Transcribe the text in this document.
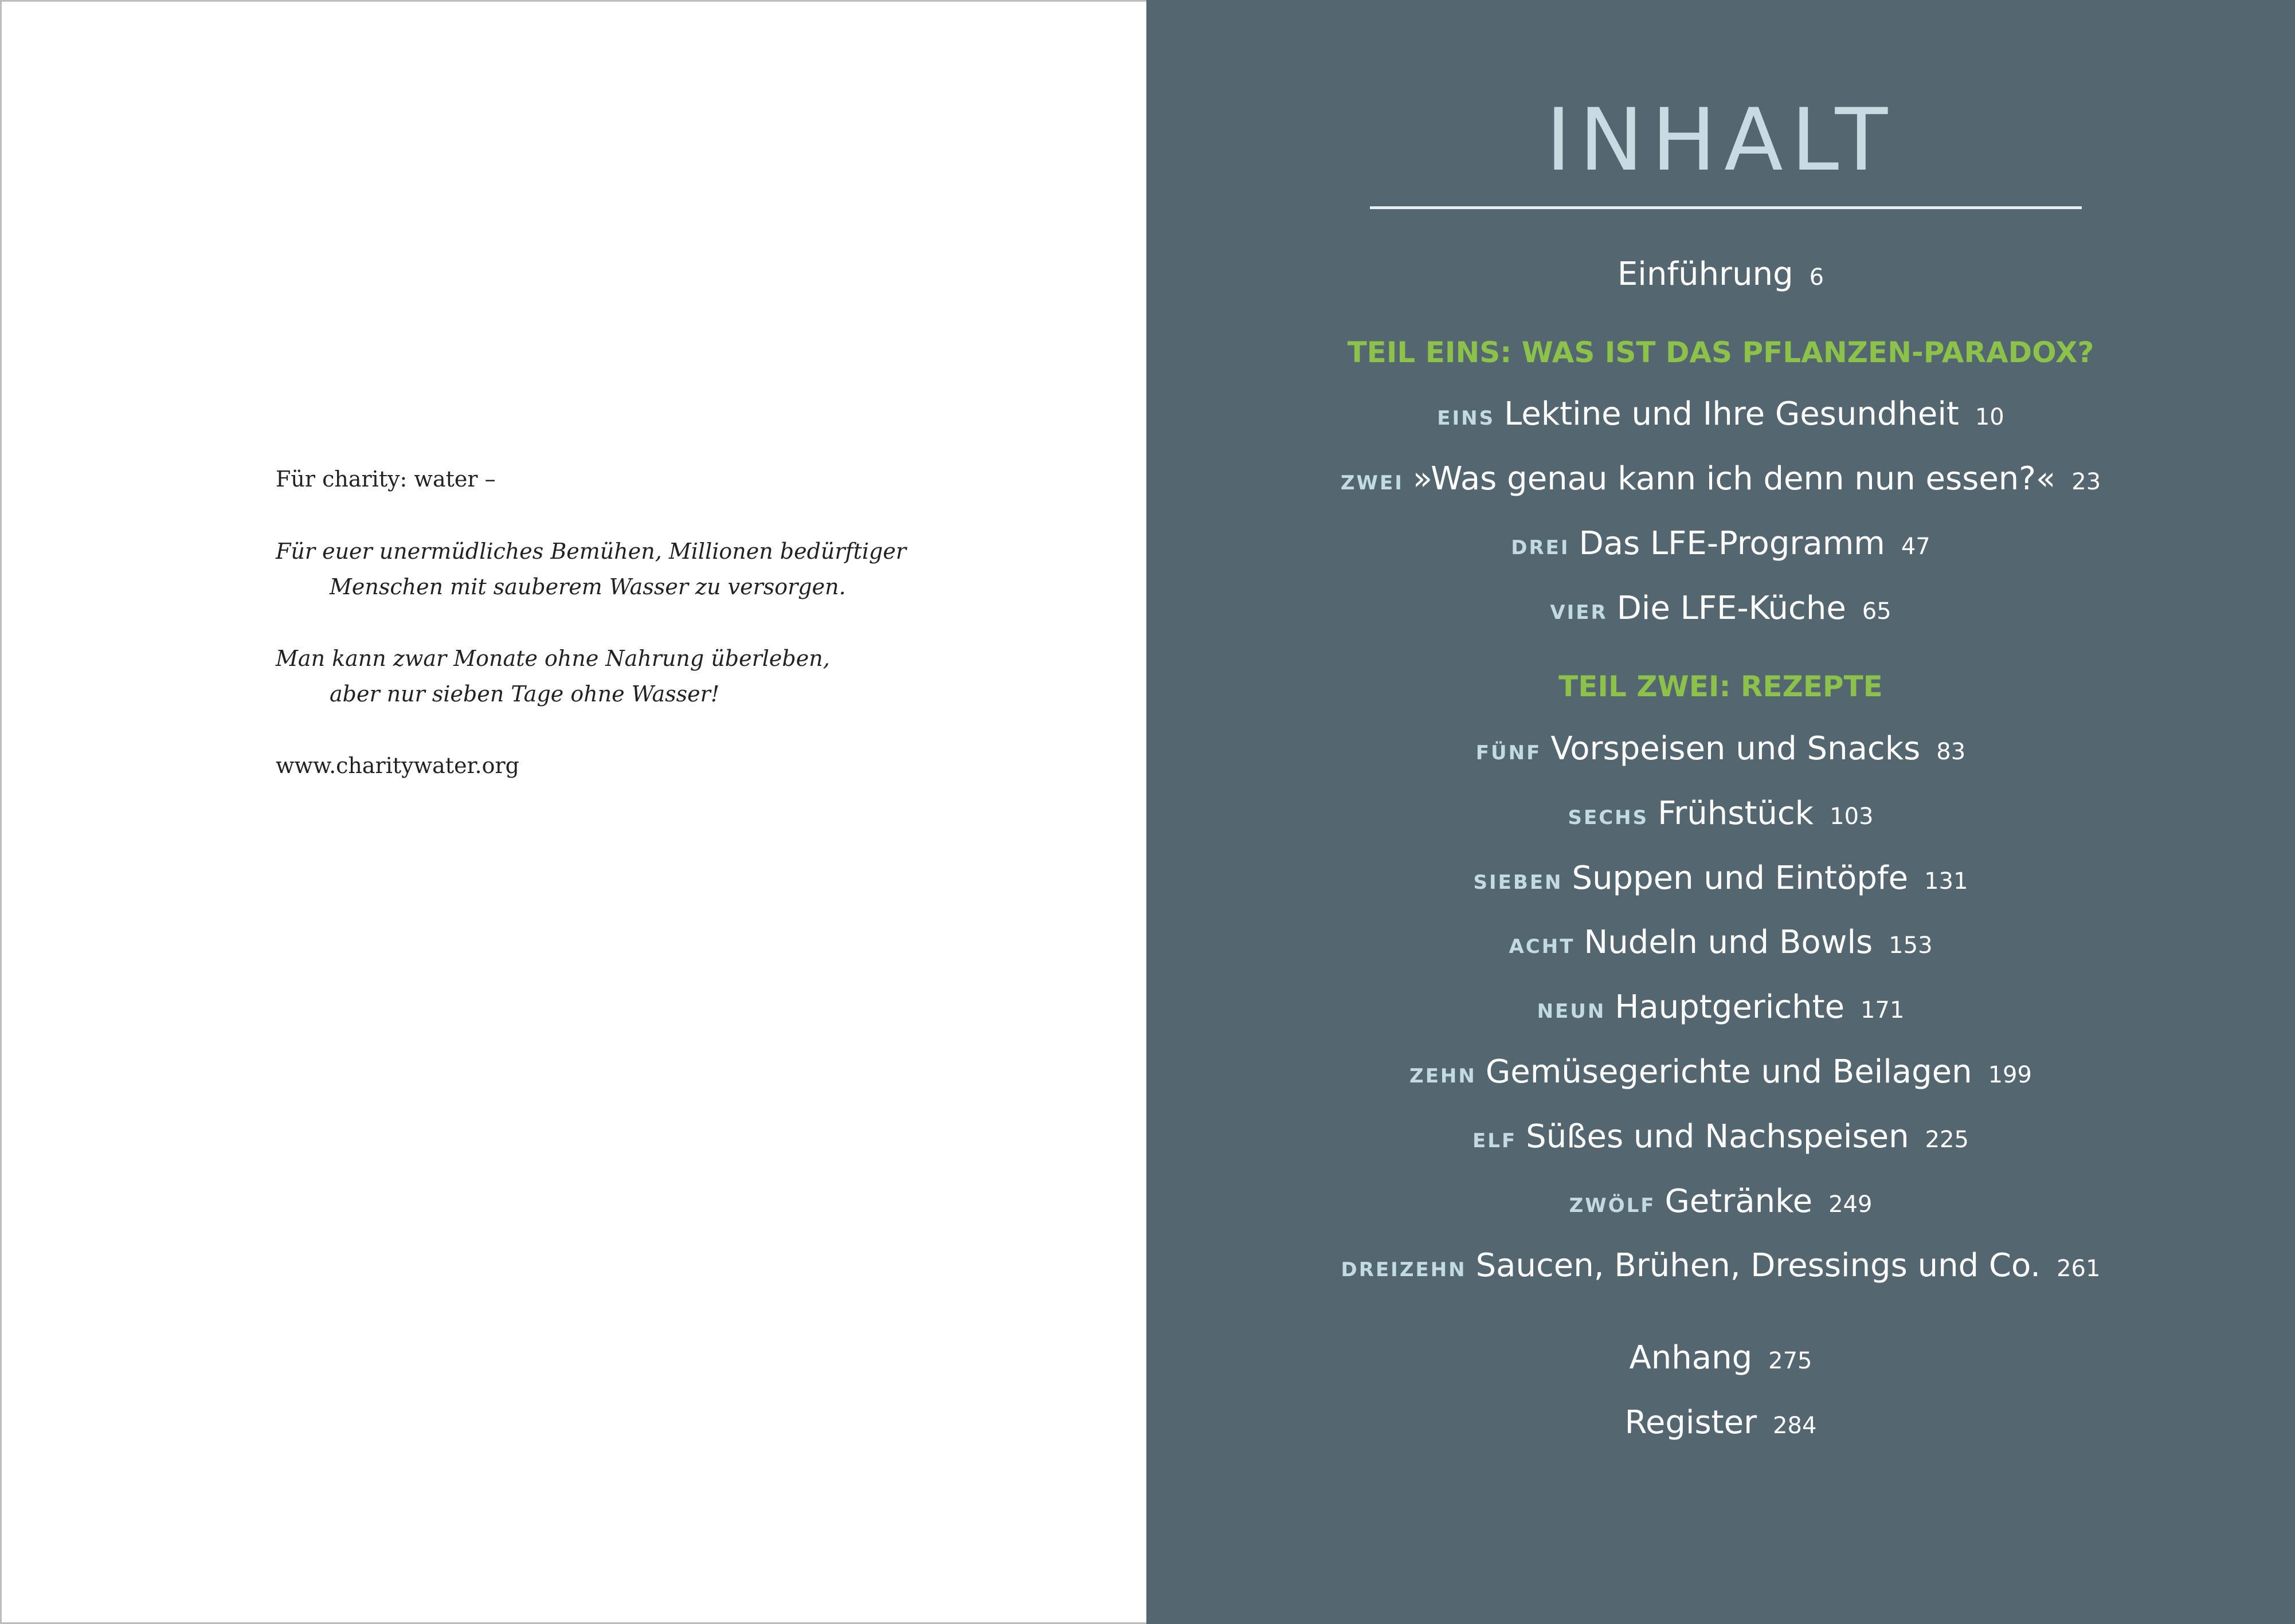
Für charity: water –
Für euer unermüdliches Bemühen, Millionen bedürftiger
Menschen mit sauberem Wasser zu versorgen.
Man kann zwar Monate ohne Nahrung überleben,
aber nur sieben Tage ohne Wasser!
www.charitywater.org
INHALT
Einführung 6
TEIL EINS: WAS IST DAS PFLANZEN-PARADOX?
EINS Lektine und Ihre Gesundheit 10
ZWEI »Was genau kann ich denn nun essen?« 23
DREI Das LFE-Programm 47
VIER Die LFE-Küche 65
TEIL ZWEI: REZEPTE
FÜNF Vorspeisen und Snacks 83
SECHS Frühstück 103
SIEBEN Suppen und Eintöpfe 131
ACHT Nudeln und Bowls 153
NEUN Hauptgerichte 171
ZEHN Gemüsegerichte und Beilagen 199
ELF Süßes und Nachspeisen 225
ZWÖLF Getränke 249
DREIZEHN Saucen, Brühen, Dressings und Co. 261
Anhang 275
Register 284
